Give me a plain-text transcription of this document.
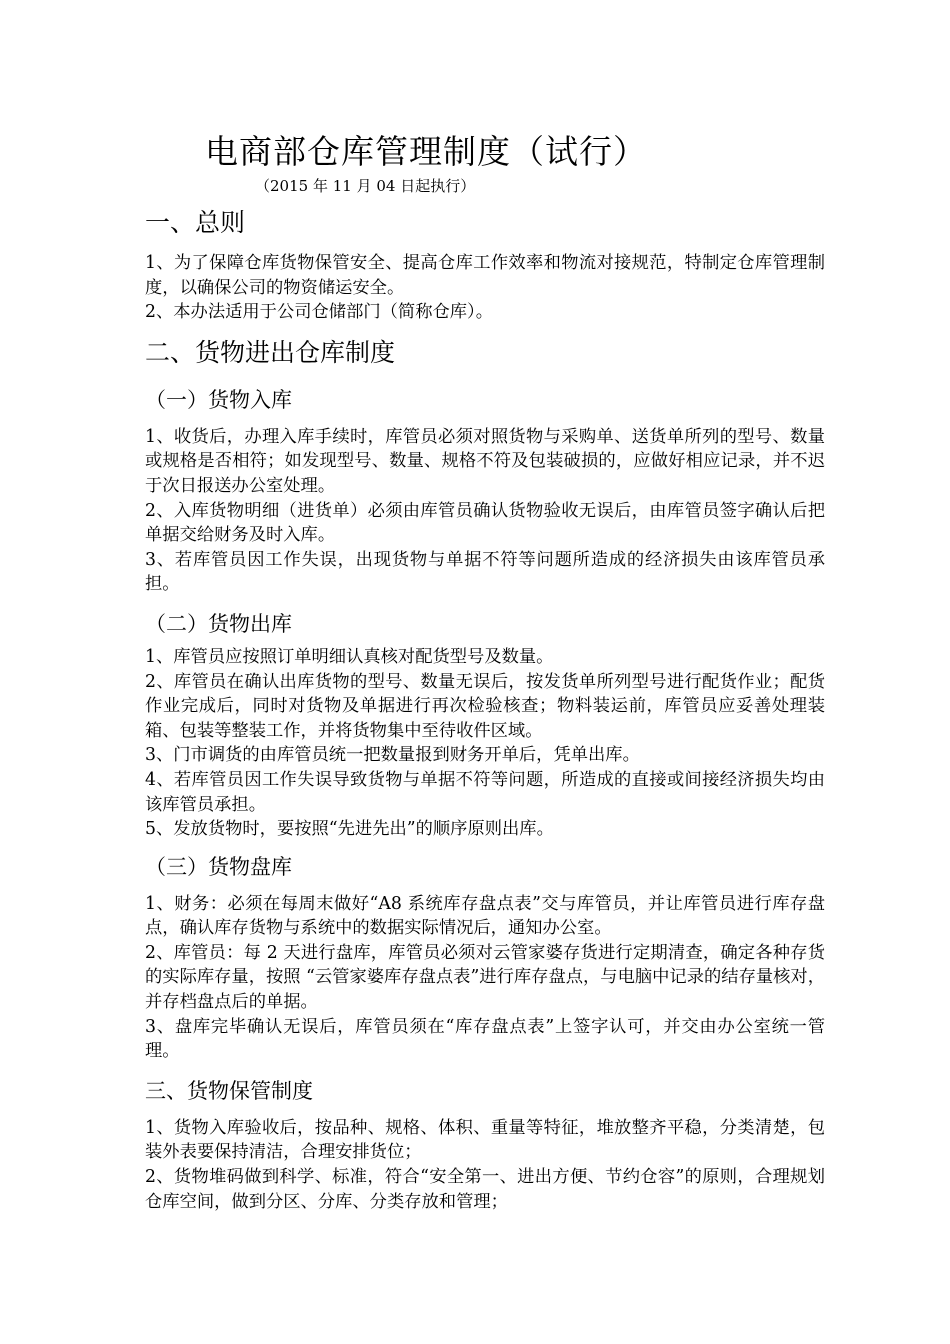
电商部仓库管理制度（试行）
（2015 年 11 月 04 日起执行）
一、总则

1、为了保障仓库货物保管安全、提高仓库工作效率和物流对接规范，特制定仓库管理制度，以确保公司的物资储运安全。

2、本办法适用于公司仓储部门（简称仓库）。

二、货物进出仓库制度
（一）货物入库

1、收货后，办理入库手续时，库管员必须对照货物与采购单、送货单所列的型号、数量或规格是否相符；如发现型号、数量、规格不符及包装破损的，应做好相应记录，并不迟于次日报送办公室处理。

2、入库货物明细（进货单）必须由库管员确认货物验收无误后，由库管员签字确认后把单据交给财务及时入库。

3、若库管员因工作失误，出现货物与单据不符等问题所造成的经济损失由该库管员承担。

（二）货物出库

1、库管员应按照订单明细认真核对配货型号及数量。

2、库管员在确认出库货物的型号、数量无误后，按发货单所列型号进行配货作业；配货作业完成后，同时对货物及单据进行再次检验核查；物料装运前，库管员应妥善处理装箱、包装等整装工作，并将货物集中至待收件区域。

3、门市调货的由库管员统一把数量报到财务开单后，凭单出库。

4、若库管员因工作失误导致货物与单据不符等问题，所造成的直接或间接经济损失均由该库管员承担。

5、发放货物时，要按照“先进先出”的顺序原则出库。

（三）货物盘库

1、财务：必须在每周末做好“A8 系统库存盘点表”交与库管员，并让库管员进行库存盘点，确认库存货物与系统中的数据实际情况后，通知办公室。

2、库管员：每 2 天进行盘库，库管员必须对云管家婆存货进行定期清查，确定各种存货的实际库存量，按照 “云管家婆库存盘点表”进行库存盘点，与电脑中记录的结存量核对，并存档盘点后的单据。

3、盘库完毕确认无误后，库管员须在“库存盘点表”上签字认可，并交由办公室统一管理。

三、货物保管制度

1、货物入库验收后，按品种、规格、体积、重量等特征，堆放整齐平稳，分类清楚，包装外表要保持清洁，合理安排货位；

2、货物堆码做到科学、标准，符合“安全第一、进出方便、节约仓容”的原则，合理规划仓库空间，做到分区、分库、分类存放和管理；
